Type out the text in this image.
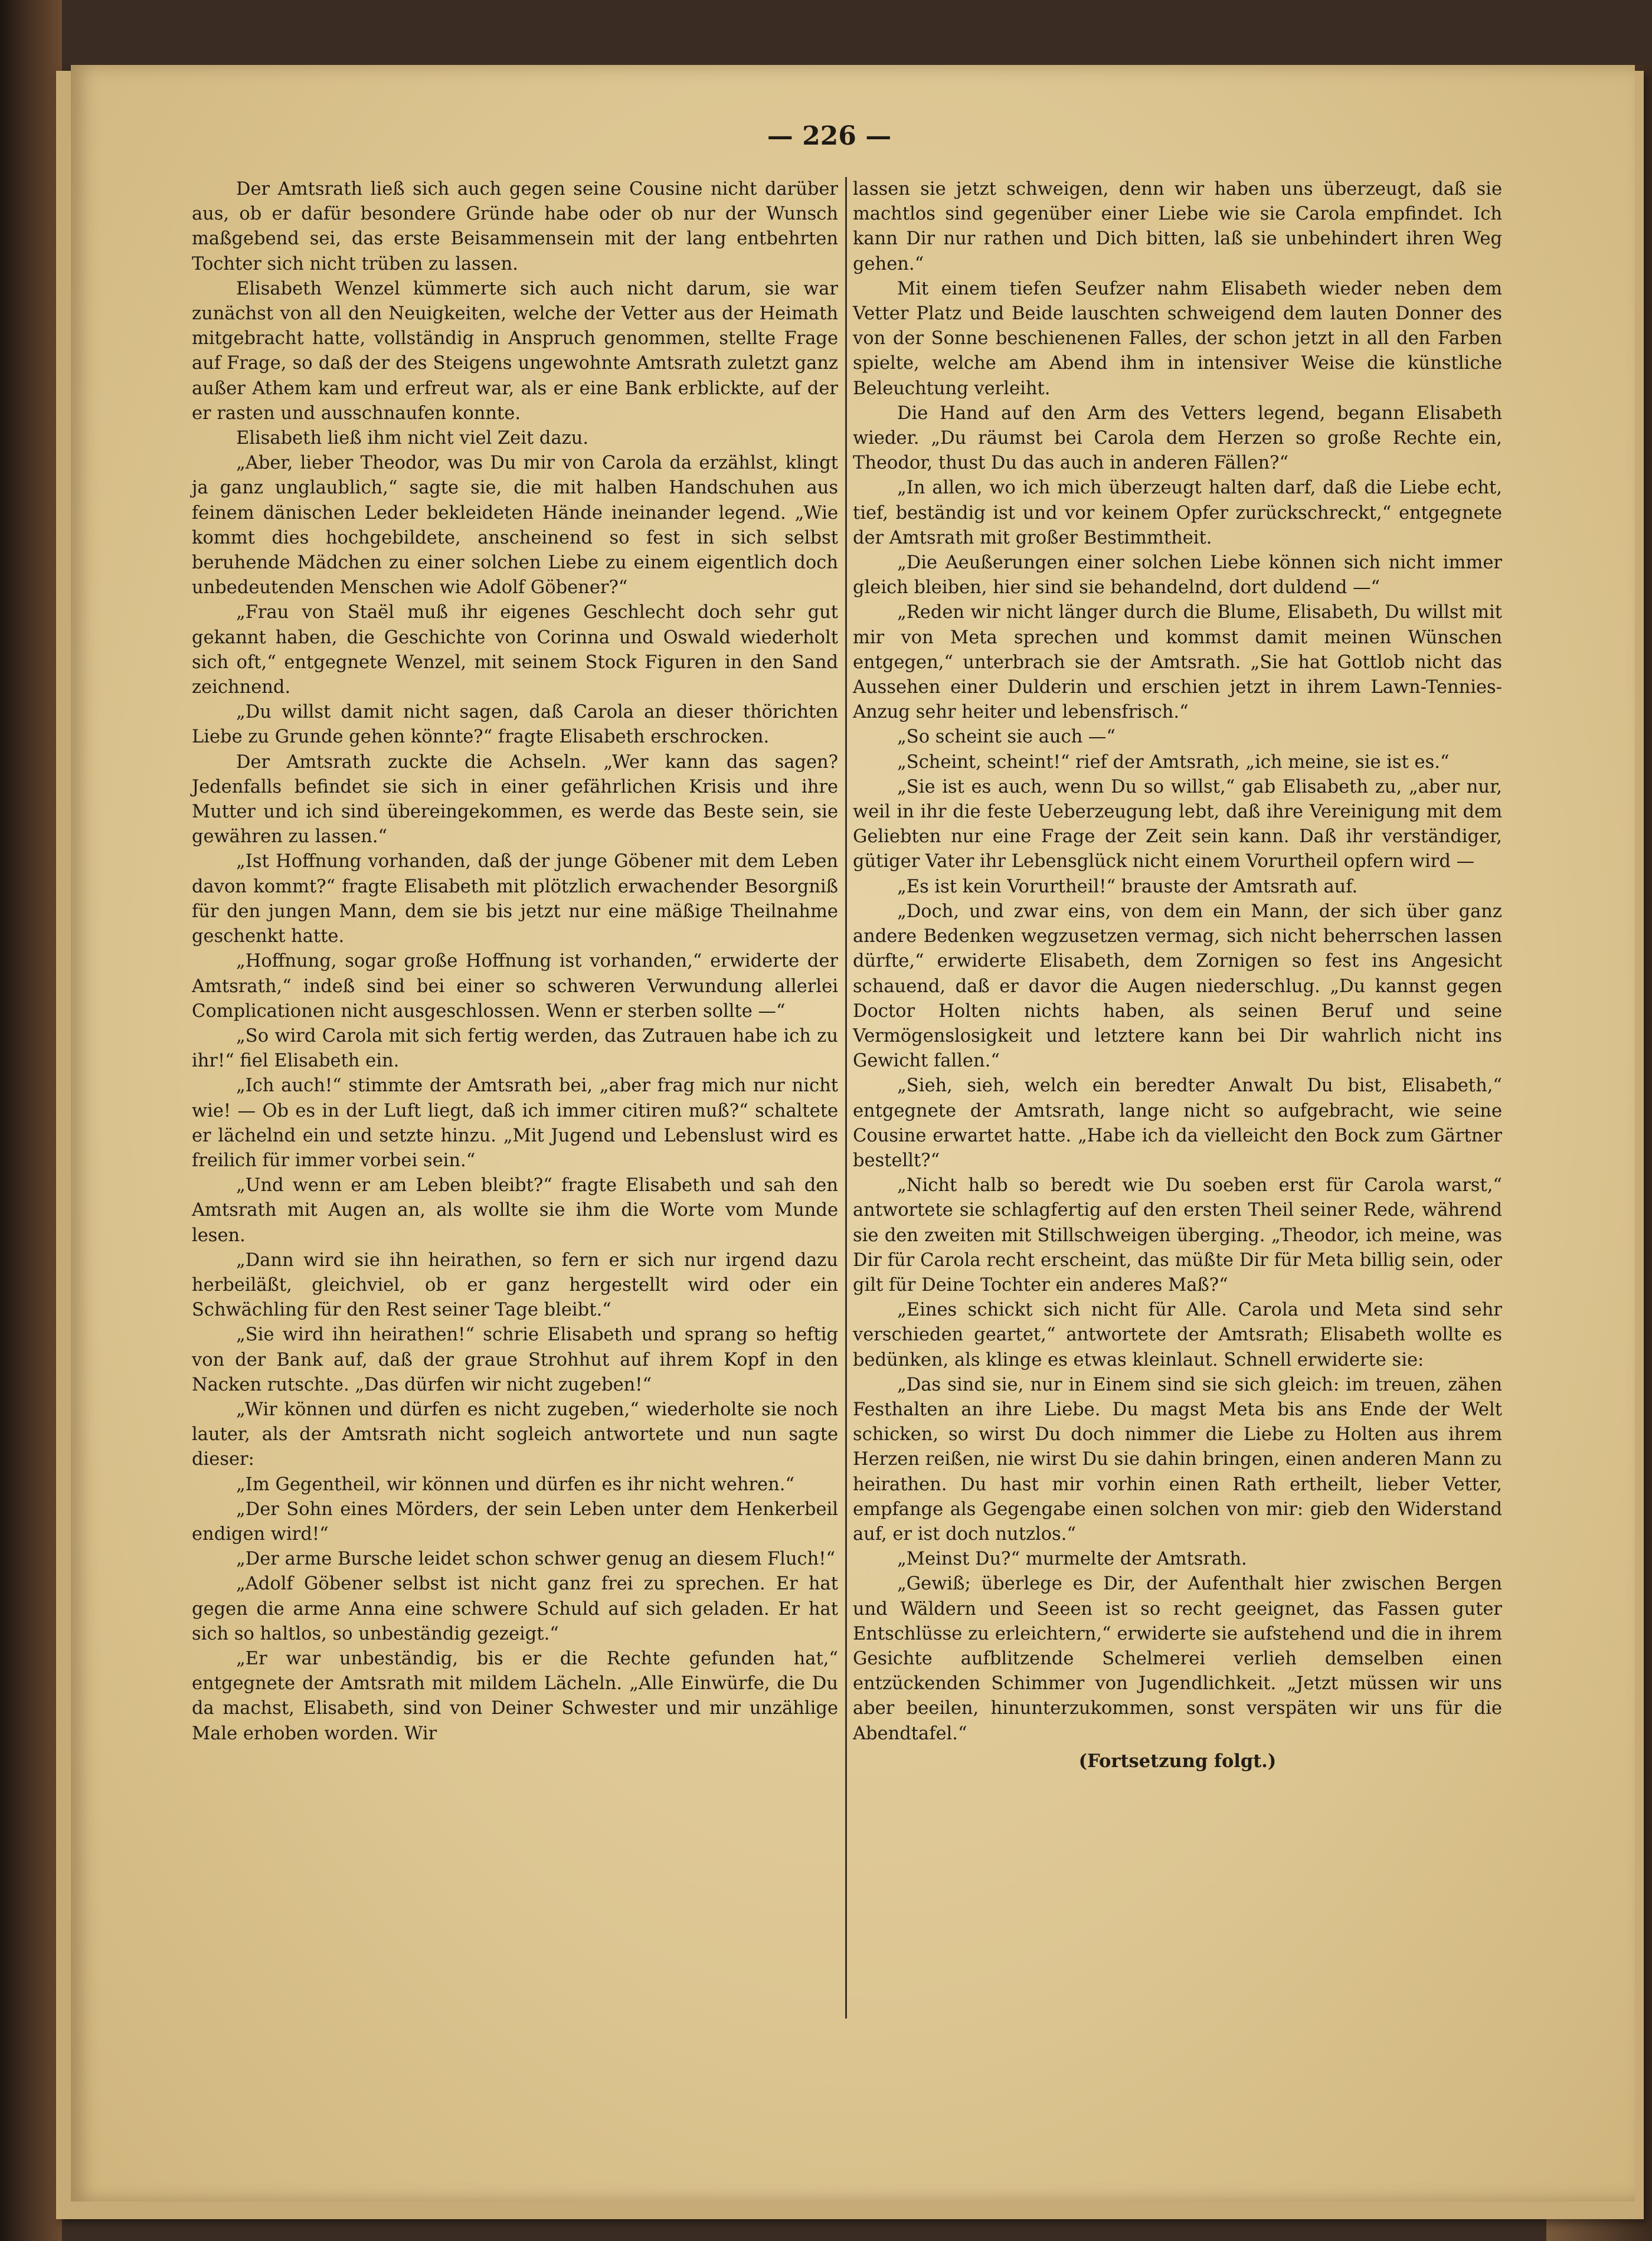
— 226 —

Der Amtsrath ließ sich auch gegen seine Cousine nicht darüber aus, ob er dafür besondere Gründe habe oder ob nur der Wunsch maßgebend sei, das erste Beisammensein mit der lang entbehrten Tochter sich nicht trüben zu lassen.

Elisabeth Wenzel kümmerte sich auch nicht darum, sie war zunächst von all den Neuigkeiten, welche der Vetter aus der Heimath mitgebracht hatte, vollständig in Anspruch genommen, stellte Frage auf Frage, so daß der des Steigens ungewohnte Amtsrath zuletzt ganz außer Athem kam und erfreut war, als er eine Bank erblickte, auf der er rasten und ausschnaufen konnte.

Elisabeth ließ ihm nicht viel Zeit dazu.

„Aber, lieber Theodor, was Du mir von Carola da erzählst, klingt ja ganz unglaublich,“ sagte sie, die mit halben Handschuhen aus feinem dänischen Leder bekleideten Hände ineinander legend. „Wie kommt dies hochgebildete, anscheinend so fest in sich selbst beruhende Mädchen zu einer solchen Liebe zu einem eigentlich doch unbedeutenden Menschen wie Adolf Göbener?“

„Frau von Staël muß ihr eigenes Geschlecht doch sehr gut gekannt haben, die Geschichte von Corinna und Oswald wiederholt sich oft,“ entgegnete Wenzel, mit seinem Stock Figuren in den Sand zeichnend.

„Du willst damit nicht sagen, daß Carola an dieser thörichten Liebe zu Grunde gehen könnte?“ fragte Elisabeth erschrocken.

Der Amtsrath zuckte die Achseln. „Wer kann das sagen? Jedenfalls befindet sie sich in einer gefährlichen Krisis und ihre Mutter und ich sind übereingekommen, es werde das Beste sein, sie gewähren zu lassen.“

„Ist Hoffnung vorhanden, daß der junge Göbener mit dem Leben davon kommt?“ fragte Elisabeth mit plötzlich erwachender Besorgniß für den jungen Mann, dem sie bis jetzt nur eine mäßige Theilnahme geschenkt hatte.

„Hoffnung, sogar große Hoffnung ist vorhanden,“ erwiderte der Amtsrath,“ indeß sind bei einer so schweren Verwundung allerlei Complicationen nicht ausgeschlossen. Wenn er sterben sollte —“

„So wird Carola mit sich fertig werden, das Zutrauen habe ich zu ihr!“ fiel Elisabeth ein.

„Ich auch!“ stimmte der Amtsrath bei, „aber frag mich nur nicht wie! — Ob es in der Luft liegt, daß ich immer citiren muß?“ schaltete er lächelnd ein und setzte hinzu. „Mit Jugend und Lebenslust wird es freilich für immer vorbei sein.“

„Und wenn er am Leben bleibt?“ fragte Elisabeth und sah den Amtsrath mit Augen an, als wollte sie ihm die Worte vom Munde lesen.

„Dann wird sie ihn heirathen, so fern er sich nur irgend dazu herbeiläßt, gleichviel, ob er ganz hergestellt wird oder ein Schwächling für den Rest seiner Tage bleibt.“

„Sie wird ihn heirathen!“ schrie Elisabeth und sprang so heftig von der Bank auf, daß der graue Strohhut auf ihrem Kopf in den Nacken rutschte. „Das dürfen wir nicht zugeben!“

„Wir können und dürfen es nicht zugeben,“ wiederholte sie noch lauter, als der Amtsrath nicht sogleich antwortete und nun sagte dieser:

„Im Gegentheil, wir können und dürfen es ihr nicht wehren.“

„Der Sohn eines Mörders, der sein Leben unter dem Henkerbeil endigen wird!“

„Der arme Bursche leidet schon schwer genug an diesem Fluch!“

„Adolf Göbener selbst ist nicht ganz frei zu sprechen. Er hat gegen die arme Anna eine schwere Schuld auf sich geladen. Er hat sich so haltlos, so unbeständig gezeigt.“

„Er war unbeständig, bis er die Rechte gefunden hat,“ entgegnete der Amtsrath mit mildem Lächeln. „Alle Einwürfe, die Du da machst, Elisabeth, sind von Deiner Schwester und mir unzählige Male erhoben worden. Wir

lassen sie jetzt schweigen, denn wir haben uns überzeugt, daß sie machtlos sind gegenüber einer Liebe wie sie Carola empfindet. Ich kann Dir nur rathen und Dich bitten, laß sie unbehindert ihren Weg gehen.“

Mit einem tiefen Seufzer nahm Elisabeth wieder neben dem Vetter Platz und Beide lauschten schweigend dem lauten Donner des von der Sonne beschienenen Falles, der schon jetzt in all den Farben spielte, welche am Abend ihm in intensiver Weise die künstliche Beleuchtung verleiht.

Die Hand auf den Arm des Vetters legend, begann Elisabeth wieder. „Du räumst bei Carola dem Herzen so große Rechte ein, Theodor, thust Du das auch in anderen Fällen?“

„In allen, wo ich mich überzeugt halten darf, daß die Liebe echt, tief, beständig ist und vor keinem Opfer zurückschreckt,“ entgegnete der Amtsrath mit großer Bestimmtheit.

„Die Aeußerungen einer solchen Liebe können sich nicht immer gleich bleiben, hier sind sie behandelnd, dort duldend —“

„Reden wir nicht länger durch die Blume, Elisabeth, Du willst mit mir von Meta sprechen und kommst damit meinen Wünschen entgegen,“ unterbrach sie der Amtsrath. „Sie hat Gottlob nicht das Aussehen einer Dulderin und erschien jetzt in ihrem Lawn-Tennies-Anzug sehr heiter und lebensfrisch.“

„So scheint sie auch —“

„Scheint, scheint!“ rief der Amtsrath, „ich meine, sie ist es.“

„Sie ist es auch, wenn Du so willst,“ gab Elisabeth zu, „aber nur, weil in ihr die feste Ueberzeugung lebt, daß ihre Vereinigung mit dem Geliebten nur eine Frage der Zeit sein kann. Daß ihr verständiger, gütiger Vater ihr Lebensglück nicht einem Vorurtheil opfern wird —

„Es ist kein Vorurtheil!“ brauste der Amtsrath auf.

„Doch, und zwar eins, von dem ein Mann, der sich über ganz andere Bedenken wegzusetzen vermag, sich nicht beherrschen lassen dürfte,“ erwiderte Elisabeth, dem Zornigen so fest ins Angesicht schauend, daß er davor die Augen niederschlug. „Du kannst gegen Doctor Holten nichts haben, als seinen Beruf und seine Vermögenslosigkeit und letztere kann bei Dir wahrlich nicht ins Gewicht fallen.“

„Sieh, sieh, welch ein beredter Anwalt Du bist, Elisabeth,“ entgegnete der Amtsrath, lange nicht so aufgebracht, wie seine Cousine erwartet hatte. „Habe ich da vielleicht den Bock zum Gärtner bestellt?“

„Nicht halb so beredt wie Du soeben erst für Carola warst,“ antwortete sie schlagfertig auf den ersten Theil seiner Rede, während sie den zweiten mit Stillschweigen überging. „Theodor, ich meine, was Dir für Carola recht erscheint, das müßte Dir für Meta billig sein, oder gilt für Deine Tochter ein anderes Maß?“

„Eines schickt sich nicht für Alle. Carola und Meta sind sehr verschieden geartet,“ antwortete der Amtsrath; Elisabeth wollte es bedünken, als klinge es etwas kleinlaut. Schnell erwiderte sie:

„Das sind sie, nur in Einem sind sie sich gleich: im treuen, zähen Festhalten an ihre Liebe. Du magst Meta bis ans Ende der Welt schicken, so wirst Du doch nimmer die Liebe zu Holten aus ihrem Herzen reißen, nie wirst Du sie dahin bringen, einen anderen Mann zu heirathen. Du hast mir vorhin einen Rath ertheilt, lieber Vetter, empfange als Gegengabe einen solchen von mir: gieb den Widerstand auf, er ist doch nutzlos.“

„Meinst Du?“ murmelte der Amtsrath.

„Gewiß; überlege es Dir, der Aufenthalt hier zwischen Bergen und Wäldern und Seeen ist so recht geeignet, das Fassen guter Entschlüsse zu erleichtern,“ erwiderte sie aufstehend und die in ihrem Gesichte aufblitzende Schelmerei verlieh demselben einen entzückenden Schimmer von Jugendlichkeit. „Jetzt müssen wir uns aber beeilen, hinunterzukommen, sonst verspäten wir uns für die Abendtafel.“

(Fortsetzung folgt.)
